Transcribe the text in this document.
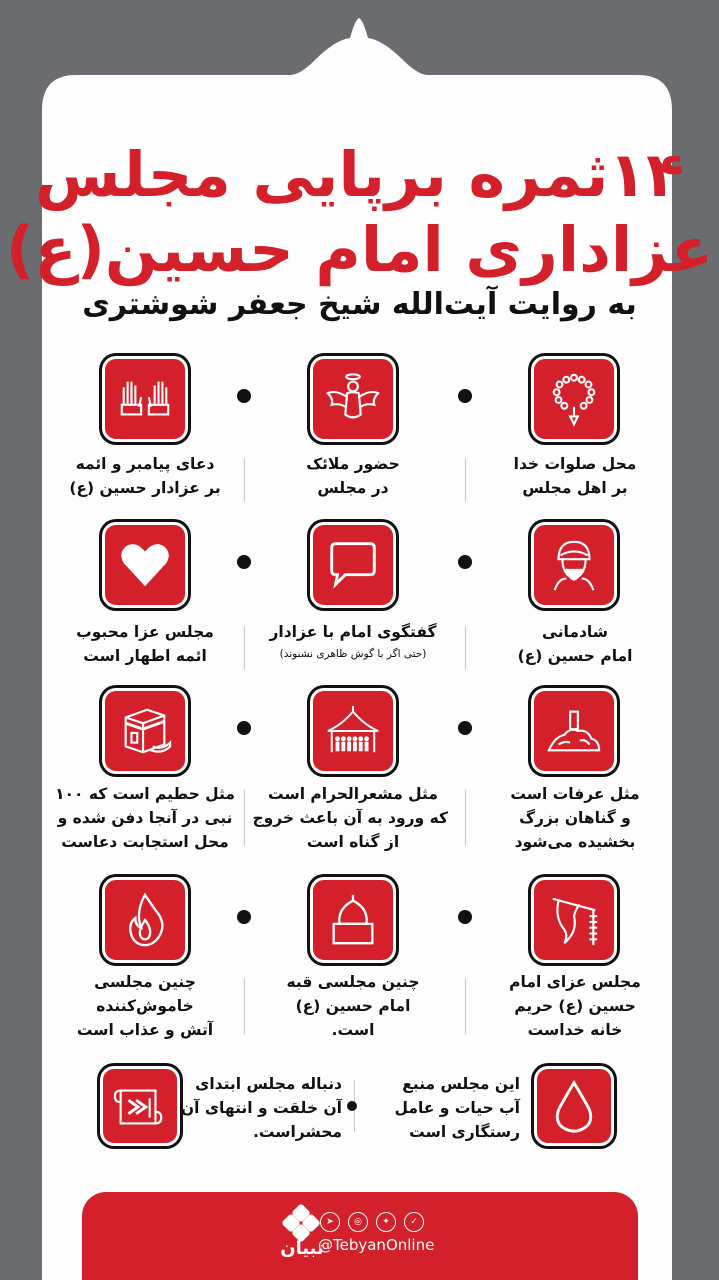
۱۴ثمره برپایی مجلس
عزاداری امام حسین(ع)
به روایت آیت‌الله شیخ جعفر شوشتری
محل صلوات خدا
بر اهل مجلس
حضور ملائک
در مجلس
دعای پیامبر و ائمه
بر عزادار حسین (ع)
شادمانی
امام حسین (ع)
گفتگوی امام با عزادار
(حتی اگر با گوش ظاهری نشنوند)
مجلس عزا محبوب
ائمه اطهار است
مثل عرفات است
و گناهان بزرگ
بخشیده می‌شود
مثل مشعرالحرام است
که ورود به آن باعث خروج
از گناه است
مثل حطیم است که ۱۰۰
نبی در آنجا دفن شده و
محل استجابت دعاست
مجلس عزای امام
حسین (ع) حریم
خانه خداست
چنین مجلسی قبه
امام حسین (ع)
است.
چنین مجلسی
خاموش‌کننده
آتش و عذاب است
این مجلس منبع
آب حیات و عامل
رستگاری است
دنباله مجلس ابتدای
آن خلقت و انتهای آن
محشراست.
تبیان
➤	◎	✦	✓
@TebyanOnline
